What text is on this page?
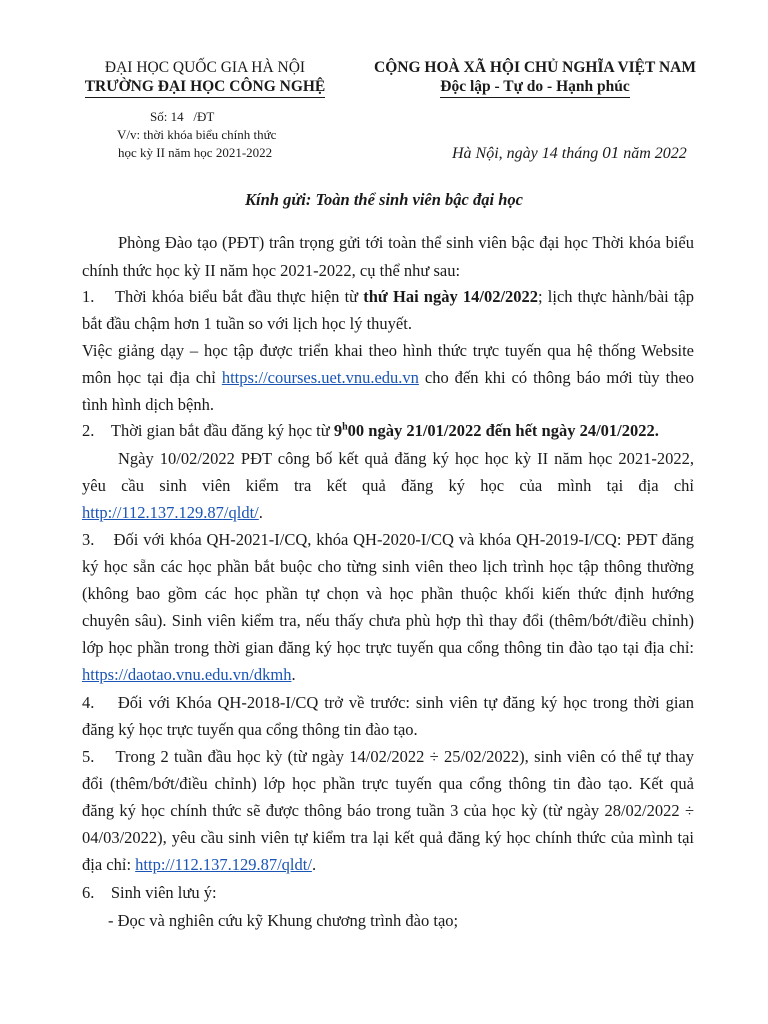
ĐẠI HỌC QUỐC GIA HÀ NỘI
TRƯỜNG ĐẠI HỌC CÔNG NGHỆ
Số: 14 /ĐT
V/v: thời khóa biểu chính thức
học kỳ II năm học 2021-2022
CỘNG HOÀ XÃ HỘI CHỦ NGHĨA VIỆT NAM
Độc lập - Tự do - Hạnh phúc
Hà Nội, ngày 14 tháng 01 năm 2022
Kính gửi: Toàn thể sinh viên bậc đại học
Phòng Đào tạo (PĐT) trân trọng gửi tới toàn thể sinh viên bậc đại học Thời khóa biểu chính thức học kỳ II năm học 2021-2022, cụ thể như sau:
1. Thời khóa biểu bắt đầu thực hiện từ thứ Hai ngày 14/02/2022; lịch thực hành/bài tập
bắt đầu chậm hơn 1 tuần so với lịch học lý thuyết.
Việc giảng dạy – học tập được triển khai theo hình thức trực tuyến qua hệ thống Website
môn học tại địa chỉ https://courses.uet.vnu.edu.vn cho đến khi có thông báo mới tùy theo
tình hình dịch bệnh.
2. Thời gian bắt đầu đăng ký học từ 9$^h$00 ngày 21/01/2022 đến hết ngày 24/01/2022.
Ngày 10/02/2022 PĐT công bố kết quả đăng ký học học kỳ II năm học 2021-2022,
yêu cầu sinh viên kiểm tra kết quả đăng ký học của mình tại địa chỉ
http://112.137.129.87/qldt/.
3. Đối với khóa QH-2021-I/CQ, khóa QH-2020-I/CQ và khóa QH-2019-I/CQ: PĐT đăng
ký học sẵn các học phần bắt buộc cho từng sinh viên theo lịch trình học tập thông thường
(không bao gồm các học phần tự chọn và học phần thuộc khối kiến thức định hướng
chuyên sâu). Sinh viên kiểm tra, nếu thấy chưa phù hợp thì thay đổi (thêm/bớt/điều chỉnh)
lớp học phần trong thời gian đăng ký học trực tuyến qua cổng thông tin đào tạo tại địa chỉ:
https://daotao.vnu.edu.vn/dkmh.
4. Đối với Khóa QH-2018-I/CQ trở về trước: sinh viên tự đăng ký học trong thời gian
đăng ký học trực tuyến qua cổng thông tin đào tạo.
5. Trong 2 tuần đầu học kỳ (từ ngày 14/02/2022 ÷ 25/02/2022), sinh viên có thể tự thay
đổi (thêm/bớt/điều chỉnh) lớp học phần trực tuyến qua cổng thông tin đào tạo. Kết quả
đăng ký học chính thức sẽ được thông báo trong tuần 3 của học kỳ (từ ngày 28/02/2022 ÷
04/03/2022), yêu cầu sinh viên tự kiểm tra lại kết quả đăng ký học chính thức của mình tại
địa chỉ: http://112.137.129.87/qldt/.
6. Sinh viên lưu ý:
- Đọc và nghiên cứu kỹ Khung chương trình đào tạo;
